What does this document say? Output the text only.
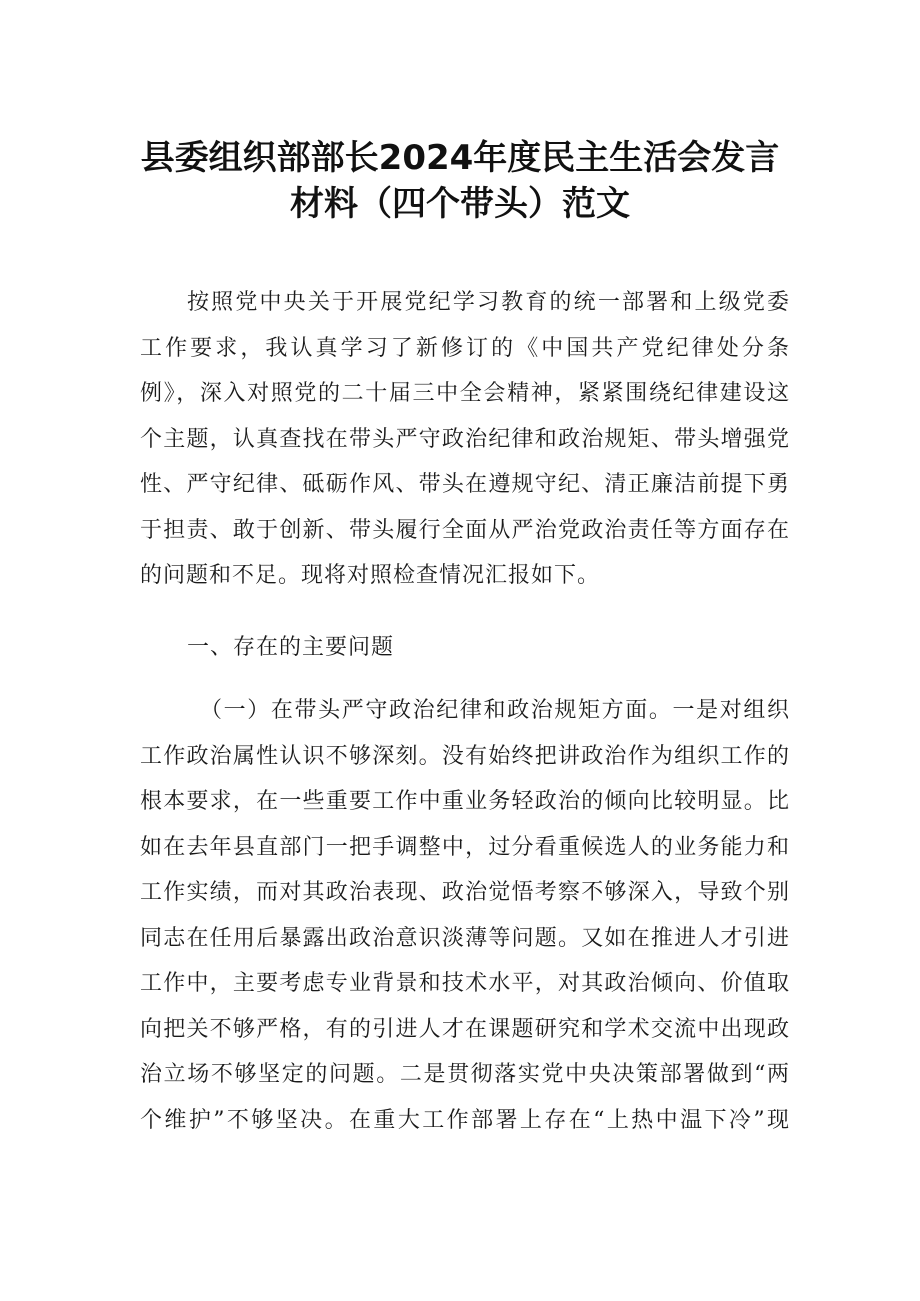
县委组织部部长2024年度民主生活会发言
材料（四个带头）范文
按照党中央关于开展党纪学习教育的统一部署和上级党委
工作要求，我认真学习了新修订的《中国共产党纪律处分条
例》，深入对照党的二十届三中全会精神，紧紧围绕纪律建设这
个主题，认真查找在带头严守政治纪律和政治规矩、带头增强党
性、严守纪律、砥砺作风、带头在遵规守纪、清正廉洁前提下勇
于担责、敢于创新、带头履行全面从严治党政治责任等方面存在
的问题和不足。现将对照检查情况汇报如下。
一、存在的主要问题
（一）在带头严守政治纪律和政治规矩方面。一是对组织
工作政治属性认识不够深刻。没有始终把讲政治作为组织工作的
根本要求，在一些重要工作中重业务轻政治的倾向比较明显。比
如在去年县直部门一把手调整中，过分看重候选人的业务能力和
工作实绩，而对其政治表现、政治觉悟考察不够深入，导致个别
同志在任用后暴露出政治意识淡薄等问题。又如在推进人才引进
工作中，主要考虑专业背景和技术水平，对其政治倾向、价值取
向把关不够严格，有的引进人才在课题研究和学术交流中出现政
治立场不够坚定的问题。二是贯彻落实党中央决策部署做到“两
个维护”不够坚决。在重大工作部署上存在“上热中温下冷”现
